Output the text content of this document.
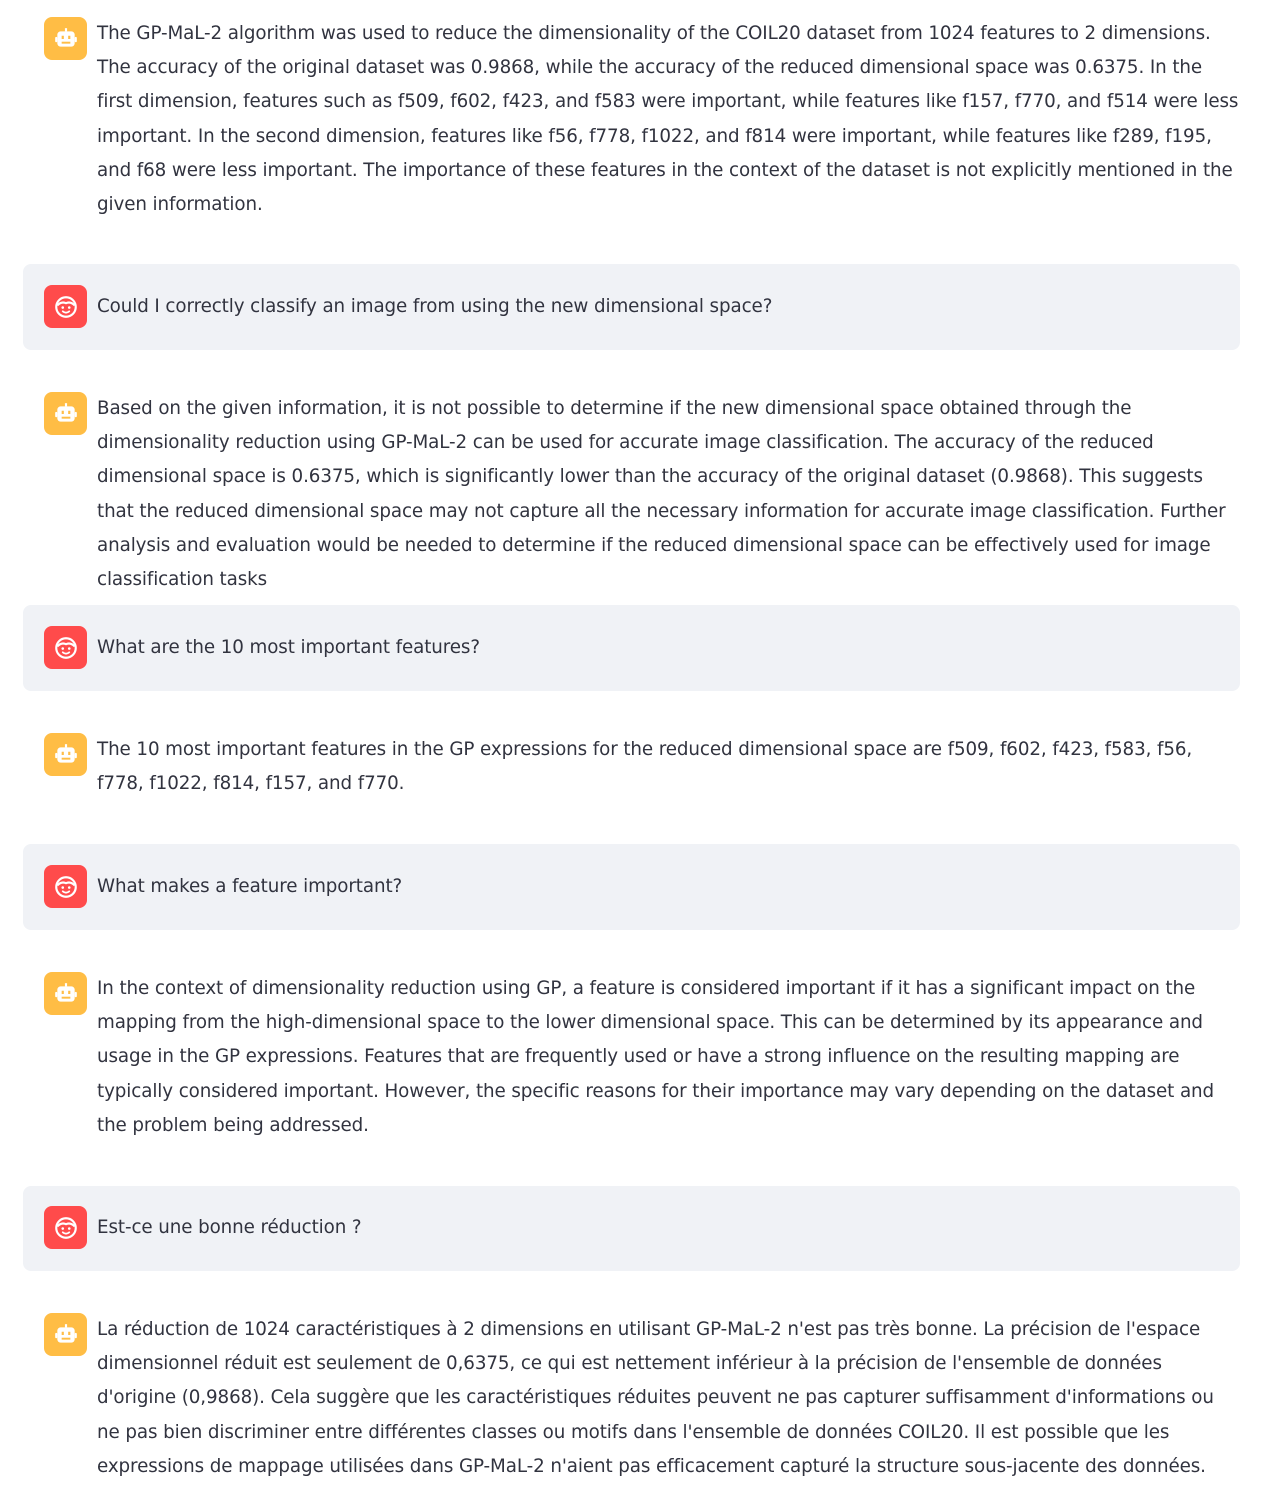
The GP-MaL-2 algorithm was used to reduce the dimensionality of the COIL20 dataset from 1024 features to 2 dimensions. The accuracy of the original dataset was 0.9868, while the accuracy of the reduced dimensional space was 0.6375. In the first dimension, features such as f509, f602, f423, and f583 were important, while features like f157, f770, and f514 were less important. In the second dimension, features like f56, f778, f1022, and f814 were important, while features like f289, f195, and f68 were less important. The importance of these features in the context of the dataset is not explicitly mentioned in the given information.

Could I correctly classify an image from using the new dimensional space?

Based on the given information, it is not possible to determine if the new dimensional space obtained through the dimensionality reduction using GP-MaL-2 can be used for accurate image classification. The accuracy of the reduced dimensional space is 0.6375, which is significantly lower than the accuracy of the original dataset (0.9868). This suggests that the reduced dimensional space may not capture all the necessary information for accurate image classification. Further analysis and evaluation would be needed to determine if the reduced dimensional space can be effectively used for image classification tasks

What are the 10 most important features?

The 10 most important features in the GP expressions for the reduced dimensional space are f509, f602, f423, f583, f56, f778, f1022, f814, f157, and f770.

What makes a feature important?

In the context of dimensionality reduction using GP, a feature is considered important if it has a significant impact on the mapping from the high-dimensional space to the lower dimensional space. This can be determined by its appearance and usage in the GP expressions. Features that are frequently used or have a strong influence on the resulting mapping are typically considered important. However, the specific reasons for their importance may vary depending on the dataset and the problem being addressed.

Est-ce une bonne réduction ?

La réduction de 1024 caractéristiques à 2 dimensions en utilisant GP-MaL-2 n'est pas très bonne. La précision de l'espace dimensionnel réduit est seulement de 0,6375, ce qui est nettement inférieur à la précision de l'ensemble de données d'origine (0,9868). Cela suggère que les caractéristiques réduites peuvent ne pas capturer suffisamment d'informations ou ne pas bien discriminer entre différentes classes ou motifs dans l'ensemble de données COIL20. Il est possible que les expressions de mappage utilisées dans GP-MaL-2 n'aient pas efficacement capturé la structure sous-jacente des données.
